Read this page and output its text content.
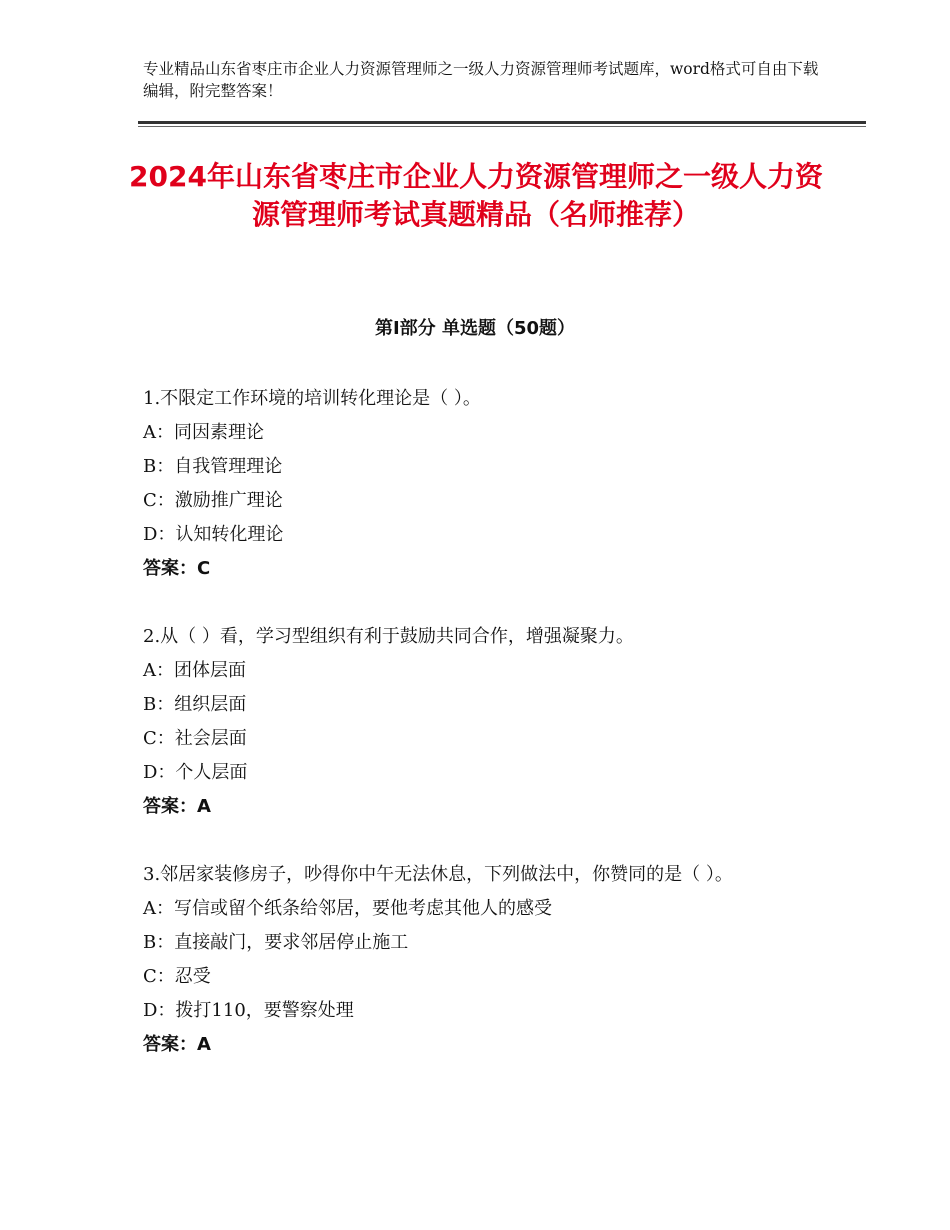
专业精品山东省枣庄市企业人力资源管理师之一级人力资源管理师考试题库，word格式可自由下载编辑，附完整答案！
2024年山东省枣庄市企业人力资源管理师之一级人力资源管理师考试真题精品（名师推荐）
第Ⅰ部分 单选题（50题）
1.不限定工作环境的培训转化理论是（ ）。
A：同因素理论
B：自我管理理论
C：激励推广理论
D：认知转化理论
答案：C
2.从（ ）看，学习型组织有利于鼓励共同合作，增强凝聚力。
A：团体层面
B：组织层面
C：社会层面
D：个人层面
答案：A
3.邻居家装修房子，吵得你中午无法休息，下列做法中，你赞同的是（ ）。
A：写信或留个纸条给邻居，要他考虑其他人的感受
B：直接敲门，要求邻居停止施工
C：忍受
D：拨打110，要警察处理
答案：A
